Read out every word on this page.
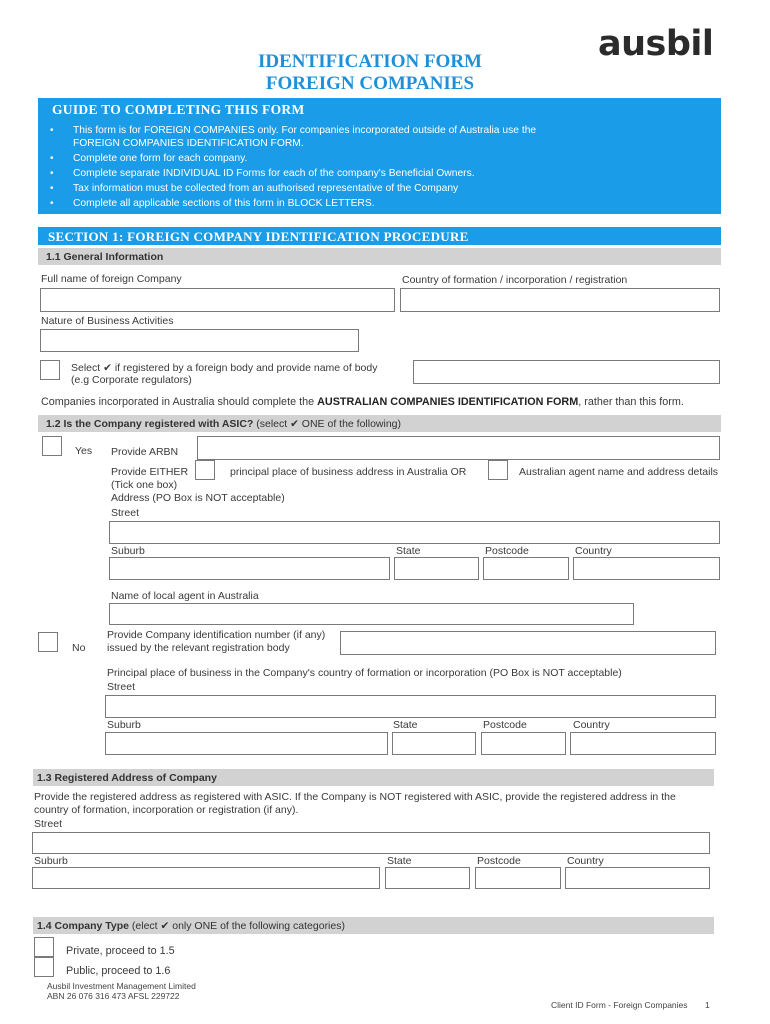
IDENTIFICATION FORM
FOREIGN COMPANIES
ausbil
GUIDE TO COMPLETING THIS FORM
• This form is for FOREIGN COMPANIES only. For companies incorporated outside of Australia use the
FOREIGN COMPANIES IDENTIFICATION FORM.
• Complete one form for each company.
• Complete separate INDIVIDUAL ID Forms for each of the company's Beneficial Owners.
• Tax information must be collected from an authorised representative of the Company
• Complete all applicable sections of this form in BLOCK LETTERS.
SECTION 1: FOREIGN COMPANY IDENTIFICATION PROCEDURE
1.1 General Information
Full name of foreign Company	Country of formation / incorporation / registration
Nature of Business Activities
Select ✔ if registered by a foreign body and provide name of body
(e.g Corporate regulators)
Companies incorporated in Australia should complete the AUSTRALIAN COMPANIES IDENTIFICATION FORM, rather than this form.
1.2 Is the Company registered with ASIC? (select ✔ ONE of the following)
Yes Provide ARBN
Provide EITHER	principal place of business address in Australia OR	Australian agent name and address details
(Tick one box)
Address (PO Box is NOT acceptable)
Street
Suburb	State	Postcode	Country
Name of local agent in Australia
No
Provide Company identification number (if any)
issued by the relevant registration body
Principal place of business in the Company's country of formation or incorporation (PO Box is NOT acceptable)
Street
Suburb	State	Postcode	Country
1.3 Registered Address of Company
Provide the registered address as registered with ASIC. If the Company is NOT registered with ASIC, provide the registered address in the
country of formation, incorporation or registration (if any).
Street
Suburb	State	Postcode	Country
1.4 Company Type (elect ✔ only ONE of the following categories)
Private, proceed to 1.5
Public, proceed to 1.6
Ausbil Investment Management Limited
ABN 26 076 316 473 AFSL 229722
Client ID Form - Foreign Companies 1
